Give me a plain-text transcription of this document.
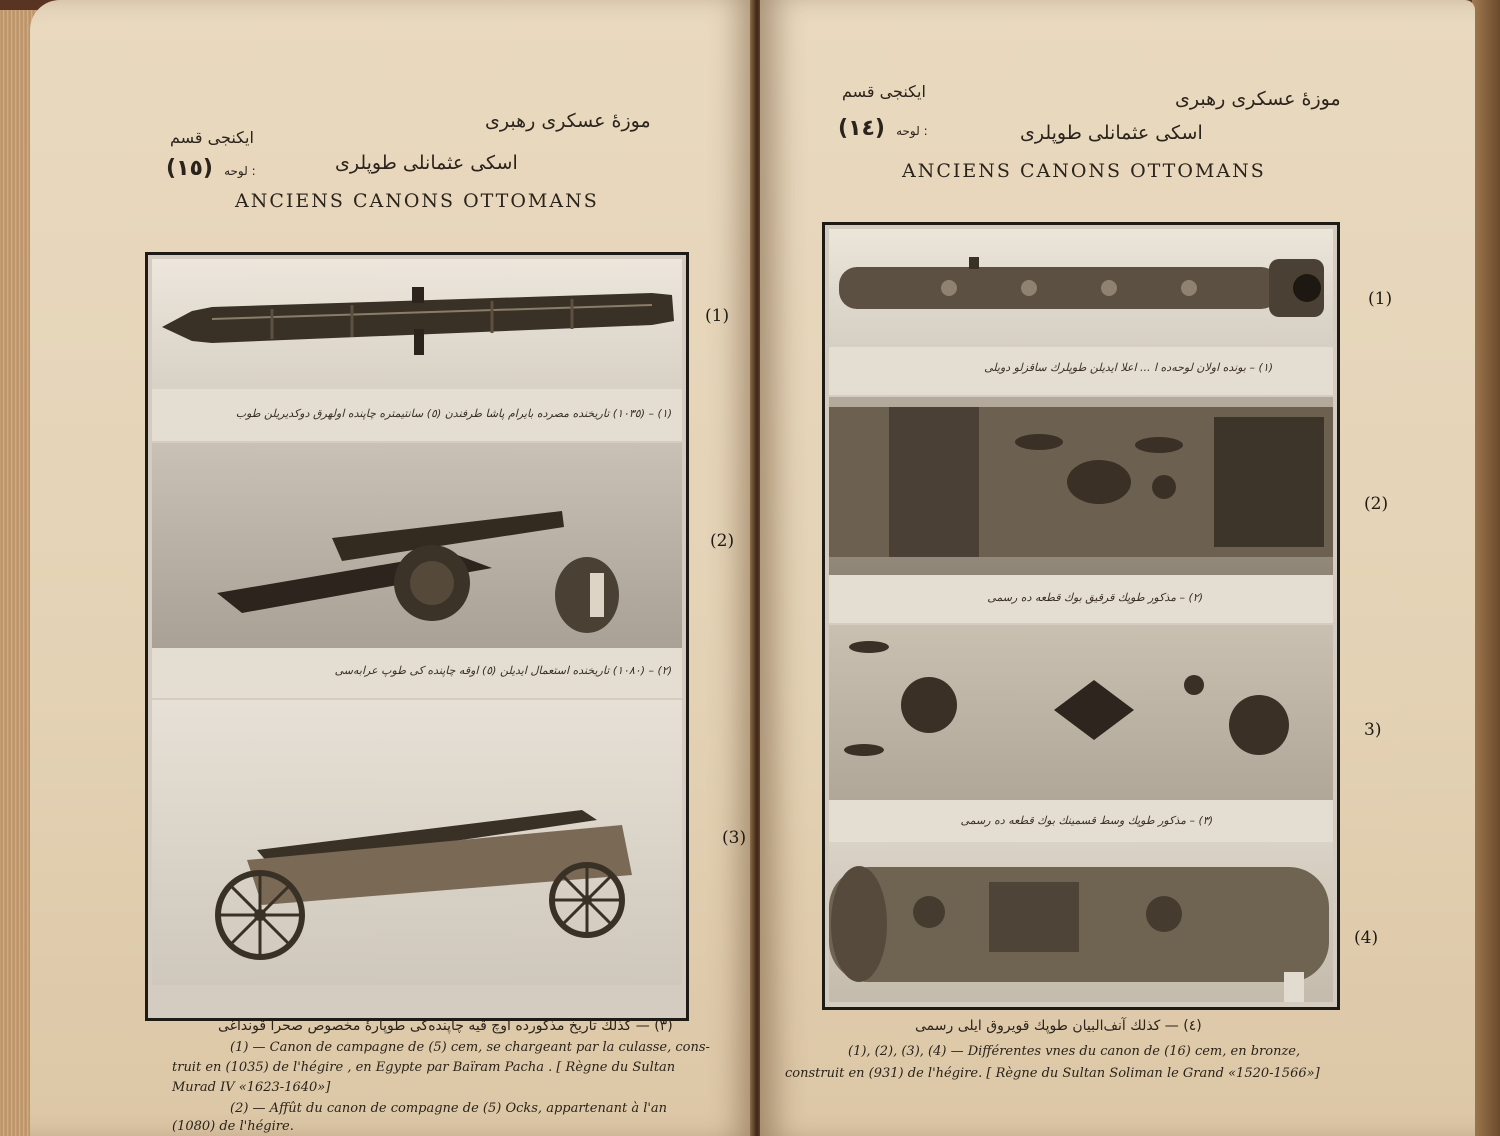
موزهٔ عسکری رهبری
ایکنجی قسم
اسکی عثمانلی طوپلری
(١٥) لوحه :
ANCIENS CANONS OTTOMANS
(١) – (١٠٣٥) تاریخنده مصرده بایرام پاشا طرفندن (٥) سانتیمتره چاپنده اولهرق دوکدیریلن طوب
(٢) – (١٠٨٠) تاریخنده استعمال ایدیلن (٥) اوقه چاپنده کی طوپ عرابه‌سی
(1)
(2)
(3)
(٣) — کذلك تاریخ مذکورده اوچ قیه چاپنده‌کی طوپارهٔ مخصوص صحرا قونداغی
(1) — Canon de campagne de (5) cem, se chargeant par la culasse, cons-
truit en (1035) de l'hégire , en Egypte par Baïram Pacha . [ Règne du Sultan
Murad IV «1623-1640»]
(2) — Affût du canon de compagne de (5) Ocks, appartenant à l'an
(1080) de l'hégire.
موزهٔ عسکری رهبری
ایکنجی قسم
اسکی عثمانلی طوپلری
(١٤) لوحه :
ANCIENS CANONS OTTOMANS
(١) – بونده اولان لوحه‌ده ا ... اعلا ایدیلن طوپلرك ساقزلو دویلی
(٢) – مذکور طوپك قرقیق بوك قطعه ده رسمی
(٣) – مذکور طوپك وسط قسمینك بوك قطعه ده رسمی
(1)
(2)
3)
(4)
(٤) — کذلك آنف‌البیان طوپك قویروق ایلی رسمی
(1), (2), (3), (4) — Différentes vnes du canon de (16) cem, en bronze,
construit en (931) de l'hégire. [ Règne du Sultan Soliman le Grand «1520-1566»]
